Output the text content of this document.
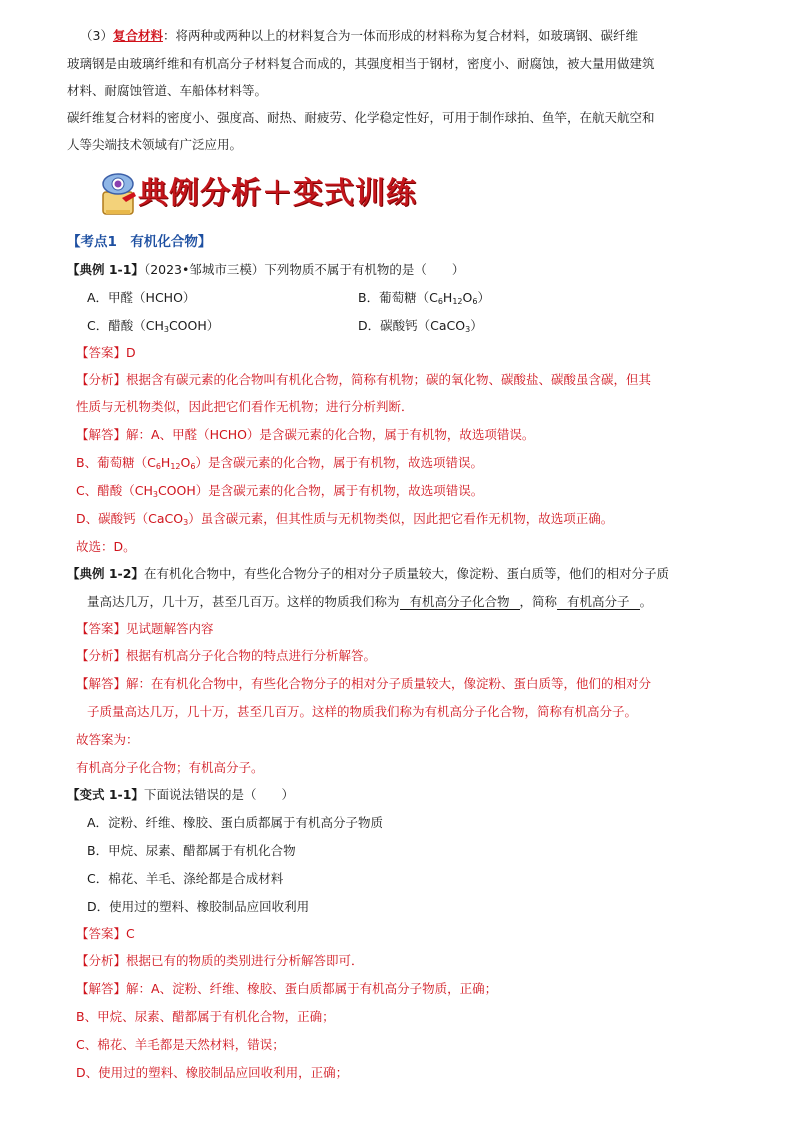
（3）复合材料：将两种或两种以上的材料复合为一体而形成的材料称为复合材料，如玻璃钢、碳纤维
玻璃钢是由玻璃纤维和有机高分子材料复合而成的，其强度相当于钢材，密度小、耐腐蚀，被大量用做建筑
材料、耐腐蚀管道、车船体材料等。
碳纤维复合材料的密度小、强度高、耐热、耐疲劳、化学稳定性好，可用于制作球拍、鱼竿，在航天航空和
人等尖端技术领域有广泛应用。
典例分析＋变式训练
【考点1　有机化合物】
【典例 1-1】（2023•邹城市三模）下列物质不属于有机物的是（　　）
A．甲醛（HCHO）	B．葡萄糖$(C_6H_{12}O_6)$
C．醋酸$(CH_3COOH)$	D．碳酸钙（CaCO$_3$）
【答案】D
【分析】根据含有碳元素的化合物叫有机化合物，简称有机物；碳的氧化物、碳酸盐、碳酸虽含碳，但其
性质与无机物类似，因此把它们看作无机物；进行分析判断．
【解答】解：A、甲醛（HCHO）是含碳元素的化合物，属于有机物，故选项错误。
B、葡萄糖$(C_6H_{12}O_6)$是含碳元素的化合物，属于有机物，故选项错误。
C、醋酸$(CH_3COOH)$是含碳元素的化合物，属于有机物，故选项错误。
D、碳酸钙（CaCO$_3$）虽含碳元素，但其性质与无机物类似，因此把它看作无机物，故选项正确。
故选：D。
【典例 1-2】在有机化合物中，有些化合物分子的相对分子质量较大，像淀粉、蛋白质等，他们的相对分子质
量高达几万，几十万，甚至几百万。这样的物质我们称为 有机高分子化合物 ，简称 有机高分子 。
【答案】见试题解答内容
【分析】根据有机高分子化合物的特点进行分析解答。
【解答】解：在有机化合物中，有些化合物分子的相对分子质量较大，像淀粉、蛋白质等，他们的相对分
子质量高达几万，几十万，甚至几百万。这样的物质我们称为有机高分子化合物，简称有机高分子。
故答案为：
有机高分子化合物；有机高分子。
【变式 1-1】下面说法错误的是（　　）
A．淀粉、纤维、橡胶、蛋白质都属于有机高分子物质
B．甲烷、尿素、醋都属于有机化合物
C．棉花、羊毛、涤纶都是合成材料
D．使用过的塑料、橡胶制品应回收利用
【答案】C
【分析】根据已有的物质的类别进行分析解答即可．
【解答】解：A、淀粉、纤维、橡胶、蛋白质都属于有机高分子物质，正确；
B、甲烷、尿素、醋都属于有机化合物，正确；
C、棉花、羊毛都是天然材料，错误；
D、使用过的塑料、橡胶制品应回收利用，正确；
